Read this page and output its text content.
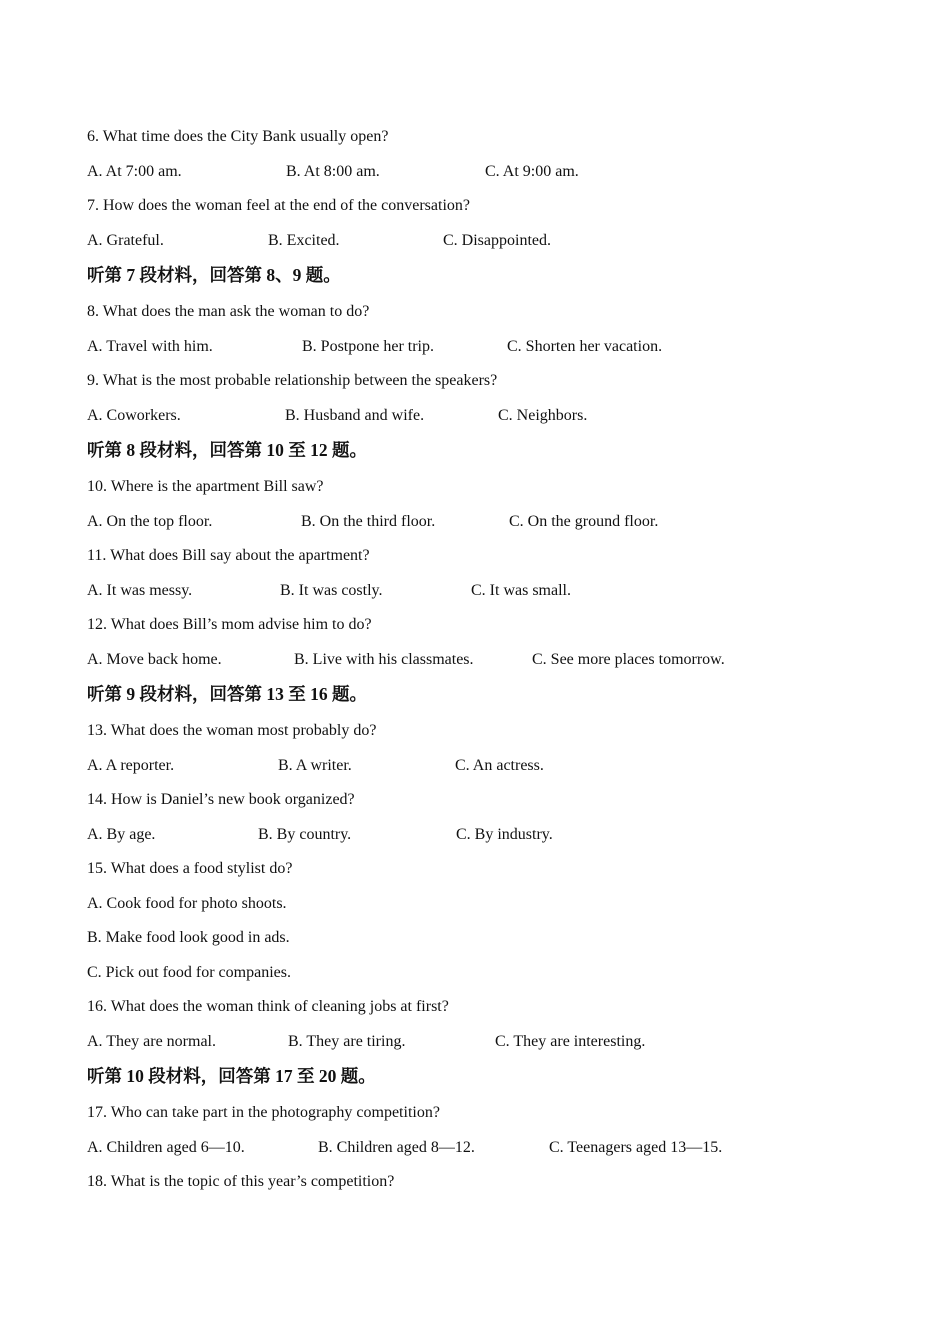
6. What time does the City Bank usually open?
A. At 7:00 am.	B. At 8:00 am.	C. At 9:00 am.
7. How does the woman feel at the end of the conversation?
A. Grateful.	B. Excited.	C. Disappointed.
听第 7 段材料，回答第 8、9 题。
8. What does the man ask the woman to do?
A. Travel with him.	B. Postpone her trip.	C. Shorten her vacation.
9. What is the most probable relationship between the speakers?
A. Coworkers.	B. Husband and wife.	C. Neighbors.
听第 8 段材料，回答第 10 至 12 题。
10. Where is the apartment Bill saw?
A. On the top floor.	B. On the third floor.	C. On the ground floor.
11. What does Bill say about the apartment?
A. It was messy.	B. It was costly.	C. It was small.
12. What does Bill’s mom advise him to do?
A. Move back home.	B. Live with his classmates.	C. See more places tomorrow.
听第 9 段材料，回答第 13 至 16 题。
13. What does the woman most probably do?
A. A reporter.	B. A writer.	C. An actress.
14. How is Daniel’s new book organized?
A. By age.	B. By country.	C. By industry.
15. What does a food stylist do?
A. Cook food for photo shoots.
B. Make food look good in ads.
C. Pick out food for companies.
16. What does the woman think of cleaning jobs at first?
A. They are normal.	B. They are tiring.	C. They are interesting.
听第 10 段材料，回答第 17 至 20 题。
17. Who can take part in the photography competition?
A. Children aged 6—10.	B. Children aged 8—12.	C. Teenagers aged 13—15.
18. What is the topic of this year’s competition?
